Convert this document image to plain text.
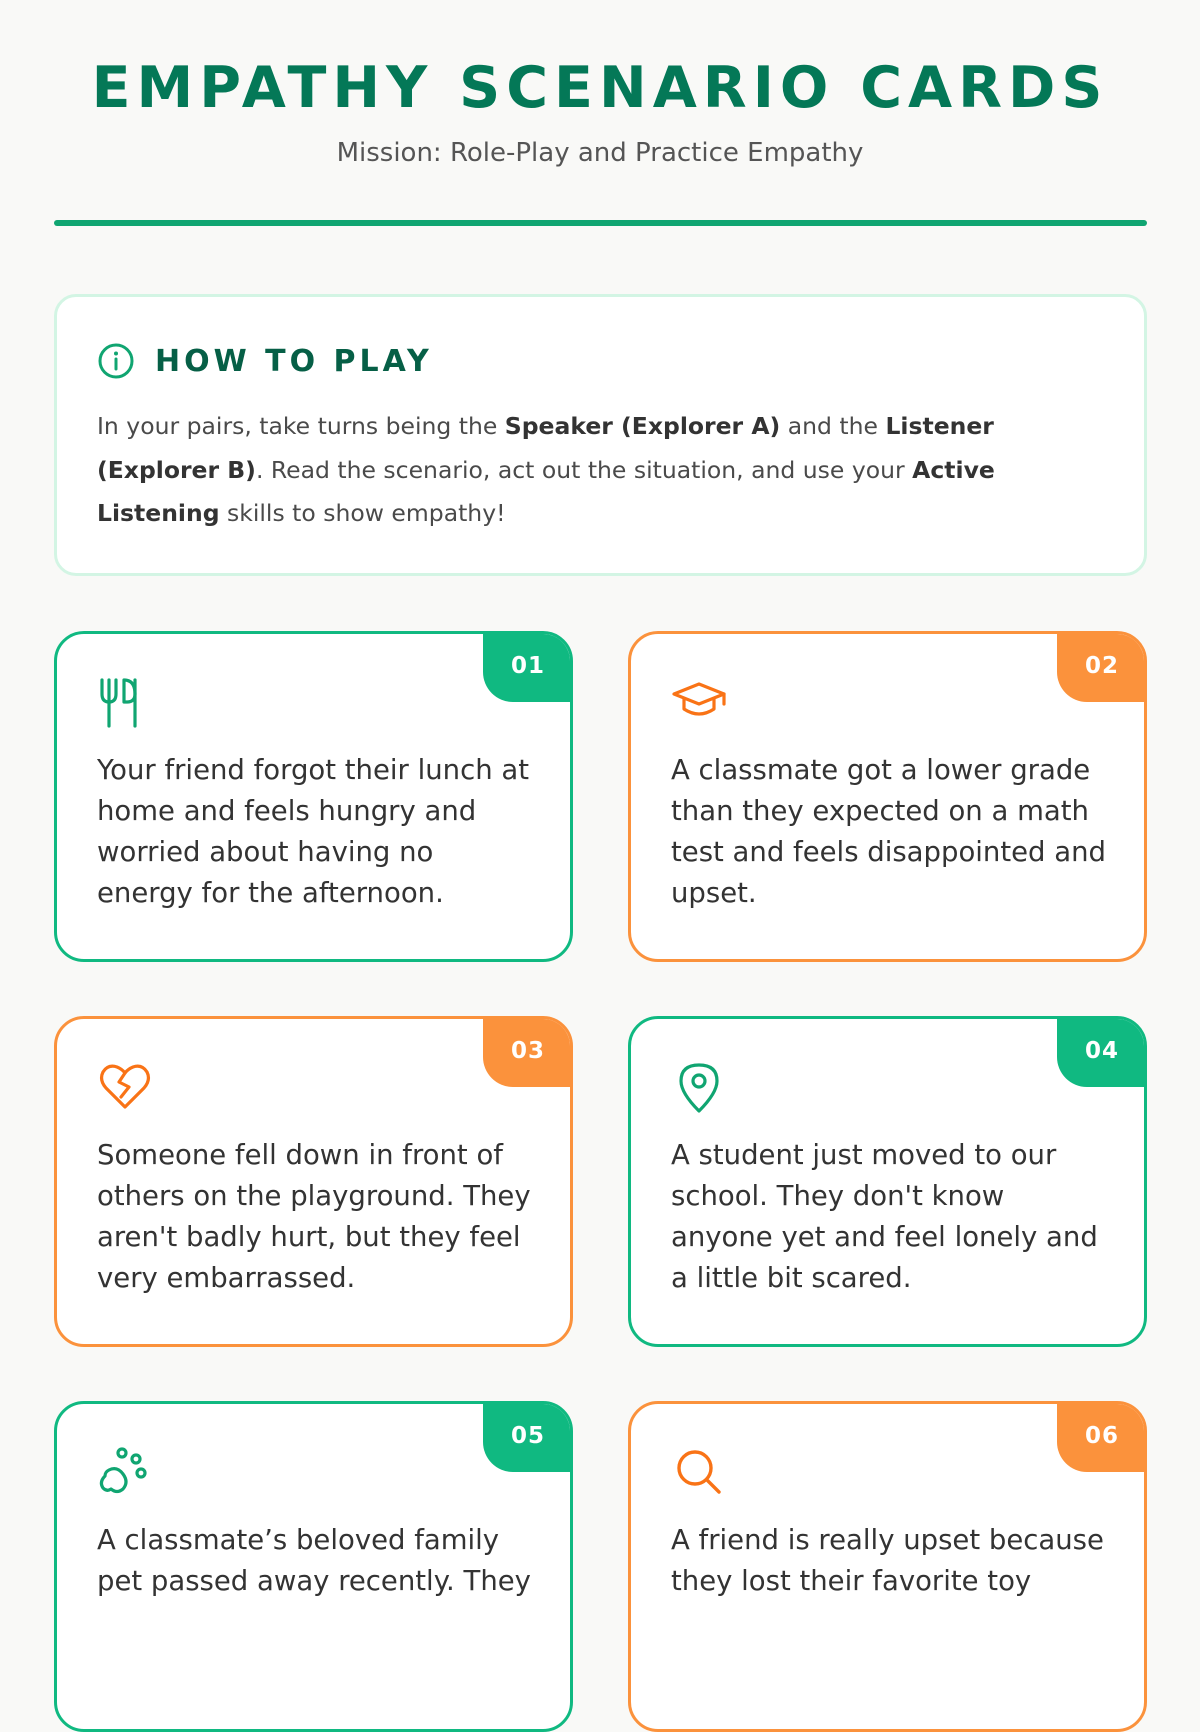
EMPATHY SCENARIO CARDS

Mission: Role-Play and Practice Empathy

HOW TO PLAY

In your pairs, take turns being the Speaker (Explorer A) and the Listener (Explorer B). Read the scenario, act out the situation, and use your Active Listening skills to show empathy!

01

Your friend forgot their lunch at home and feels hungry and worried about having no energy for the afternoon.

02

A classmate got a lower grade than they expected on a math test and feels disappointed and upset.

03

Someone fell down in front of others on the playground. They aren't badly hurt, but they feel very embarrassed.

04

A student just moved to our school. They don't know anyone yet and feel lonely and a little bit scared.

05

A classmate’s beloved family pet passed away recently. They

06

A friend is really upset because they lost their favorite toy
